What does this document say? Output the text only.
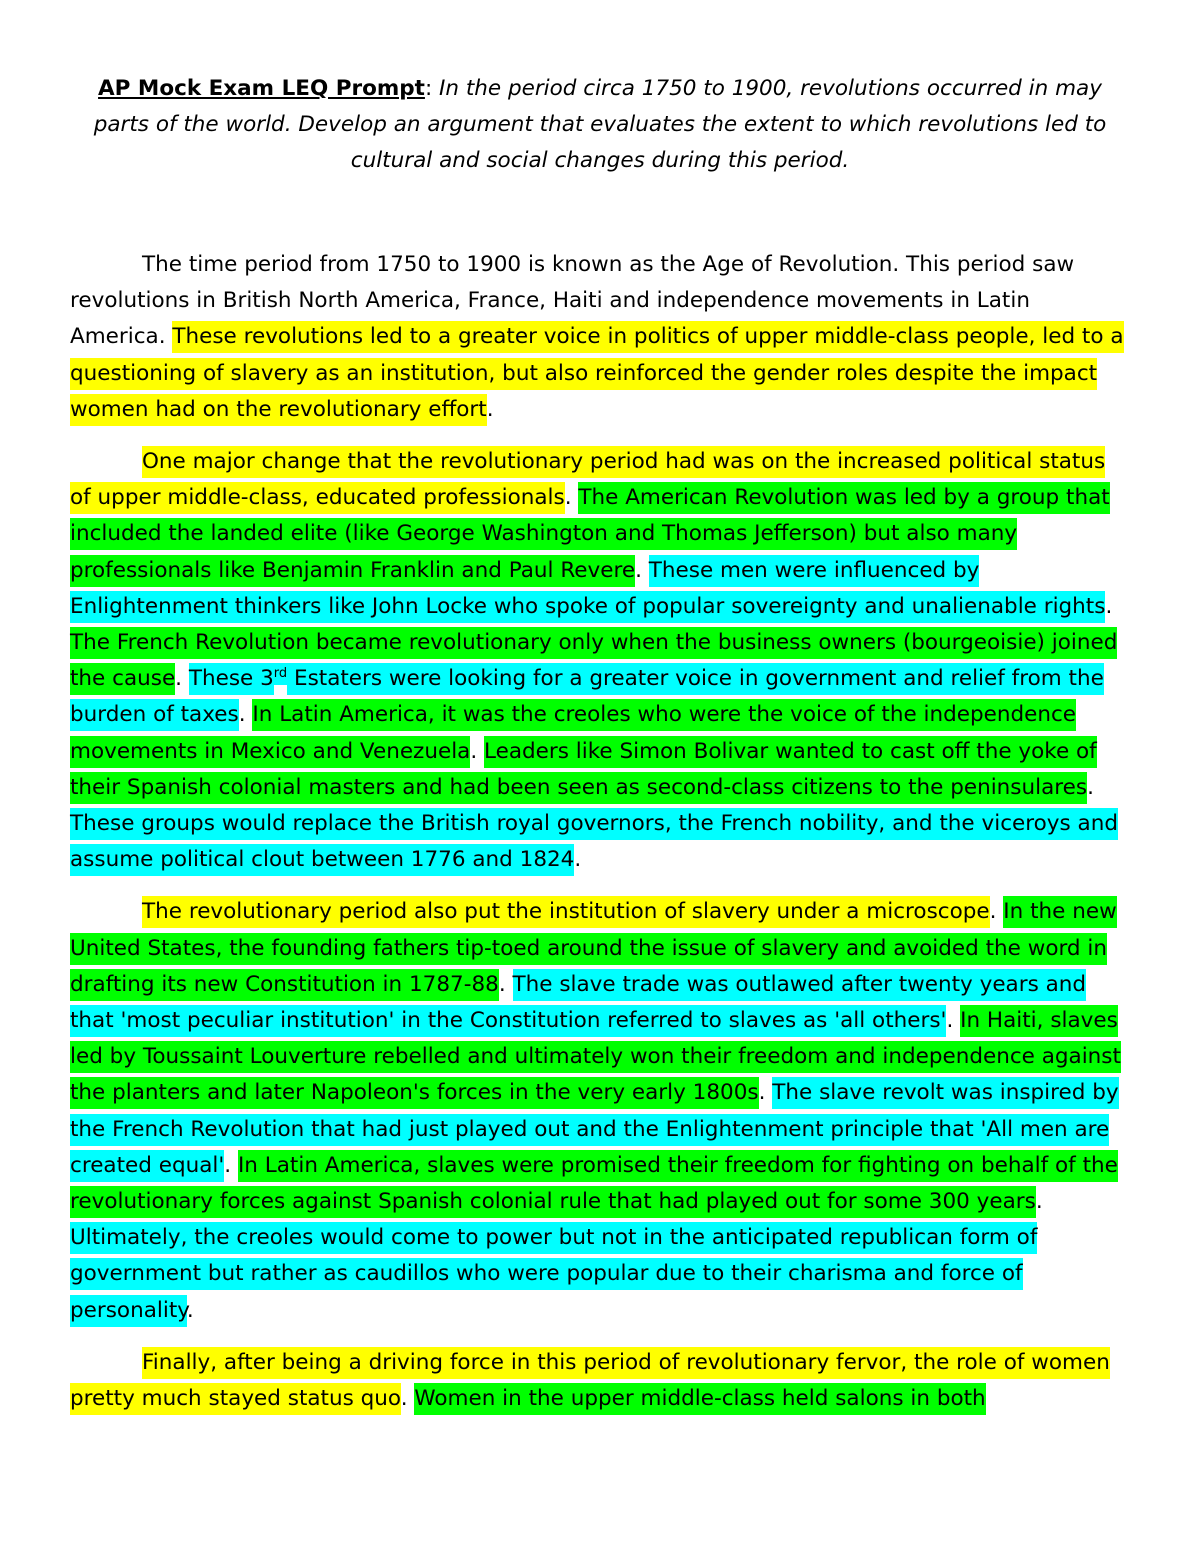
AP Mock Exam LEQ Prompt: In the period circa 1750 to 1900, revolutions occurred in may parts of the world. Develop an argument that evaluates the extent to which revolutions led to cultural and social changes during this period.

The time period from 1750 to 1900 is known as the Age of Revolution. This period saw revolutions in British North America, France, Haiti and independence movements in Latin America. These revolutions led to a greater voice in politics of upper middle-class people, led to a questioning of slavery as an institution, but also reinforced the gender roles despite the impact women had on the revolutionary effort.

One major change that the revolutionary period had was on the increased political status of upper middle-class, educated professionals. The American Revolution was led by a group that included the landed elite (like George Washington and Thomas Jefferson) but also many professionals like Benjamin Franklin and Paul Revere. These men were influenced by Enlightenment thinkers like John Locke who spoke of popular sovereignty and unalienable rights. The French Revolution became revolutionary only when the business owners (bourgeoisie) joined the cause. These 3rd Estaters were looking for a greater voice in government and relief from the burden of taxes. In Latin America, it was the creoles who were the voice of the independence movements in Mexico and Venezuela. Leaders like Simon Bolivar wanted to cast off the yoke of their Spanish colonial masters and had been seen as second-class citizens to the peninsulares. These groups would replace the British royal governors, the French nobility, and the viceroys and assume political clout between 1776 and 1824.

The revolutionary period also put the institution of slavery under a microscope. In the new United States, the founding fathers tip-toed around the issue of slavery and avoided the word in drafting its new Constitution in 1787-88. The slave trade was outlawed after twenty years and that 'most peculiar institution' in the Constitution referred to slaves as 'all others'. In Haiti, slaves led by Toussaint Louverture rebelled and ultimately won their freedom and independence against the planters and later Napoleon's forces in the very early 1800s. The slave revolt was inspired by the French Revolution that had just played out and the Enlightenment principle that 'All men are created equal'. In Latin America, slaves were promised their freedom for fighting on behalf of the revolutionary forces against Spanish colonial rule that had played out for some 300 years. Ultimately, the creoles would come to power but not in the anticipated republican form of government but rather as caudillos who were popular due to their charisma and force of personality.

Finally, after being a driving force in this period of revolutionary fervor, the role of women pretty much stayed status quo. Women in the upper middle-class held salons in both
